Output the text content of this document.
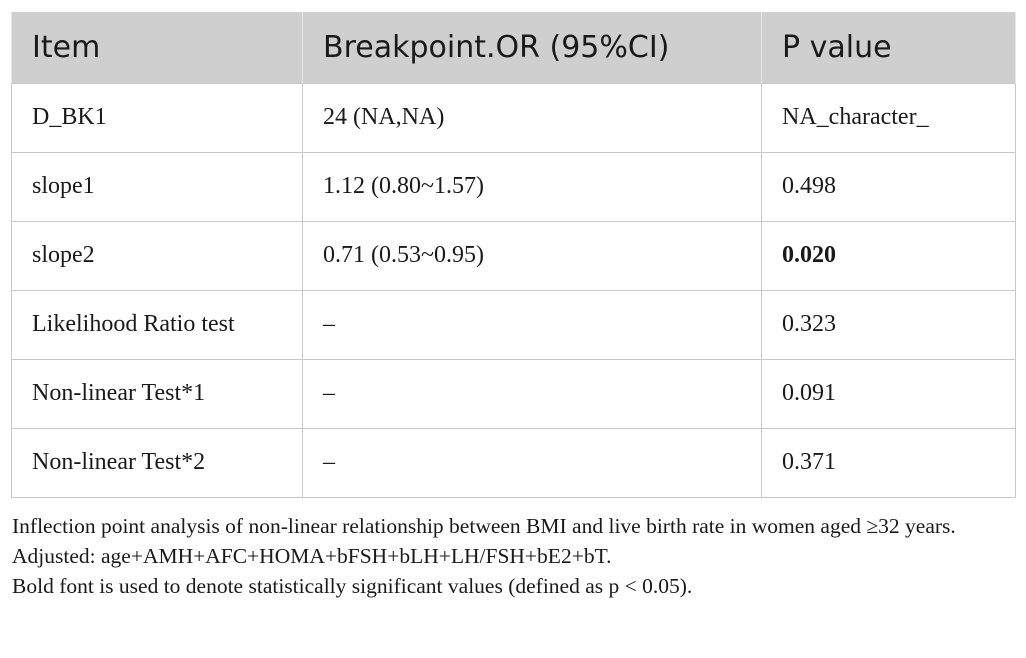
Item	Breakpoint.OR (95%CI)	P value
D_BK1	24 (NA,NA)	NA_character_
slope1	1.12 (0.80~1.57)	0.498
slope2	0.71 (0.53~0.95)	0.020
Likelihood Ratio test	–	0.323
Non-linear Test*1	–	0.091
Non-linear Test*2	–	0.371

Inflection point analysis of non-linear relationship between BMI and live birth rate in women aged ≥32 years.

Adjusted: age+AMH+AFC+HOMA+bFSH+bLH+LH/FSH+bE2+bT.

Bold font is used to denote statistically significant values (defined as p < 0.05).
